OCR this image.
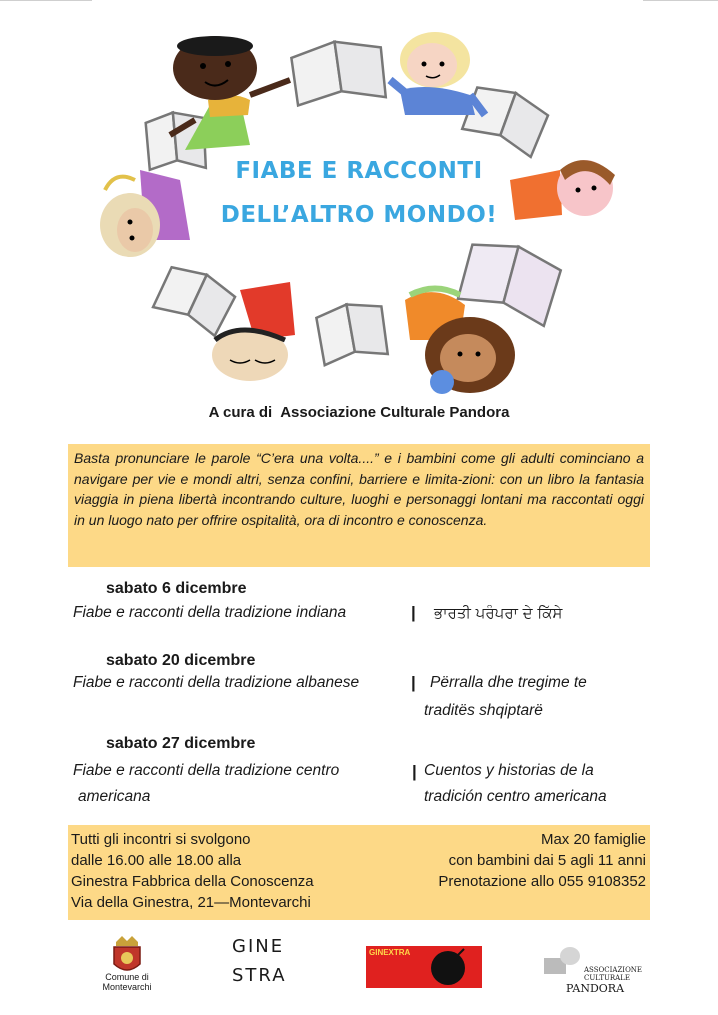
FIABE E RACCONTI
DELL’ALTRO MONDO!
A cura di Associazione Culturale Pandora
Basta pronunciare le parole “C’era una volta....” e i bambini come gli adulti cominciano a navigare per vie e mondi altri, senza confini, barriere e limita-zioni: con un libro la fantasia viaggia in piena libertà incontrando culture, luoghi e personaggi lontani ma raccontati oggi in un luogo nato per offrire ospitalità, ora di incontro e conoscenza.
sabato 6 dicembre
Fiabe e racconti della tradizione indiana	| ਭਾਰਤੀ ਪਰੰਪਰਾ ਦੇ ਕਿੱਸੇ
sabato 20 dicembre
Fiabe e racconti della tradizione albanese	| Përralla dhe tregime te
traditës shqiptarë
sabato 27 dicembre
Fiabe e racconti della tradizione centro
americana
| Cuentos y historias de la
tradición centro americana
Tutti gli incontri si svolgono
dalle 16.00 alle 18.00 alla
Ginestra Fabbrica della Conoscenza
Via della Ginestra, 21—Montevarchi
Max 20 famiglie
con bambini dai 5 agli 11 anni
Prenotazione allo 055 9108352
Comune di
Montevarchi
GINE
STRA
GINEXTRA
ASSOCIAZIONE
CULTURALE
PANDORA
